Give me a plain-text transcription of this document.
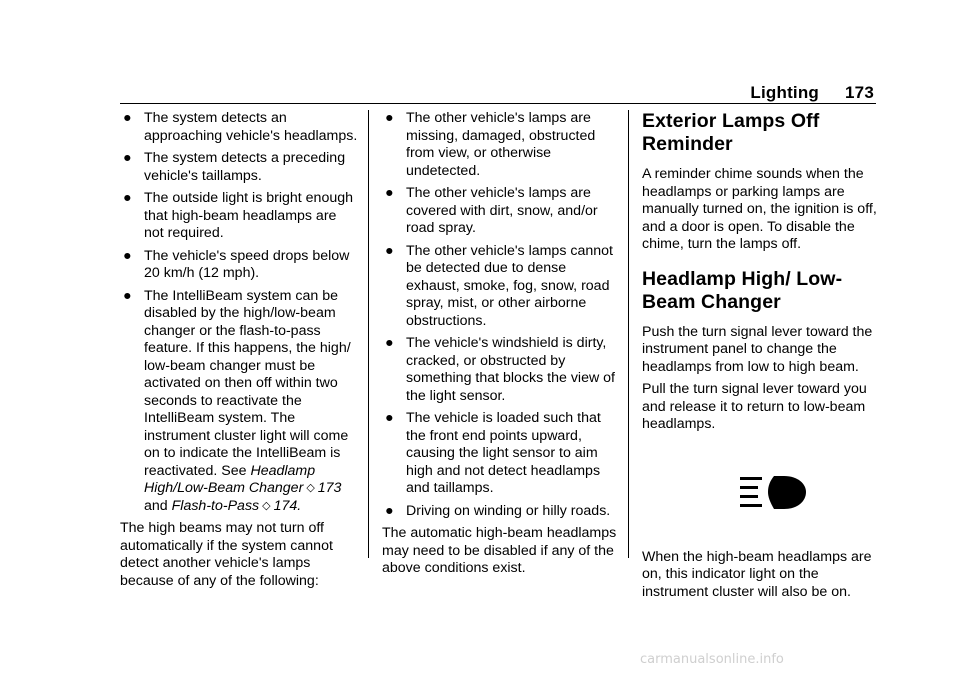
Lighting 173
● The system detects an approaching vehicle's headlamps.
● The system detects a preceding vehicle's taillamps.
● The outside light is bright enough that high-beam headlamps are not required.
● The vehicle's speed drops below 20 km/h (12 mph).
● The IntelliBeam system can be disabled by the high/low-beam changer or the flash-to-pass feature. If this happens, the high/ low-beam changer must be activated on then off within two seconds to reactivate the IntelliBeam system. The instrument cluster light will come on to indicate the IntelliBeam is reactivated. See Headlamp High/Low-Beam Changer ◇ 173
and Flash-to-Pass ◇ 174.

The high beams may not turn off automatically if the system cannot detect another vehicle's lamps because of any of the following:

● The other vehicle's lamps are missing, damaged, obstructed from view, or otherwise undetected.
● The other vehicle's lamps are covered with dirt, snow, and/or road spray.
● The other vehicle's lamps cannot be detected due to dense exhaust, smoke, fog, snow, road spray, mist, or other airborne obstructions.
● The vehicle's windshield is dirty, cracked, or obstructed by something that blocks the view of the light sensor.
● The vehicle is loaded such that the front end points upward, causing the light sensor to aim high and not detect headlamps and taillamps.
● Driving on winding or hilly roads.

The automatic high-beam headlamps may need to be disabled if any of the above conditions exist.

Exterior Lamps Off Reminder

A reminder chime sounds when the headlamps or parking lamps are manually turned on, the ignition is off, and a door is open. To disable the chime, turn the lamps off.

Headlamp High/ Low-Beam Changer

Push the turn signal lever toward the instrument panel to change the headlamps from low to high beam.

Pull the turn signal lever toward you and release it to return to low-beam headlamps.

When the high-beam headlamps are on, this indicator light on the instrument cluster will also be on.

carmanualsonline.info
